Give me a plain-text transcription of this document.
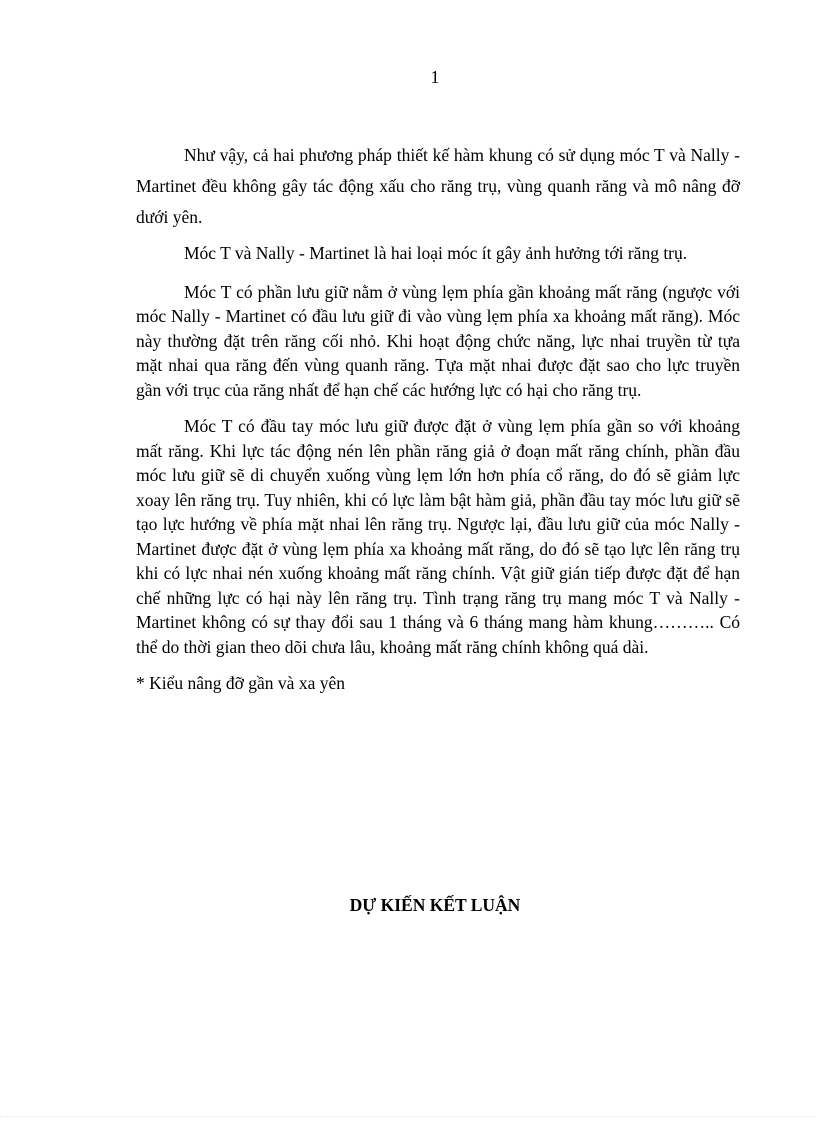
1

Như vậy, cả hai phương pháp thiết kế hàm khung có sử dụng móc T và Nally - Martinet đều không gây tác động xấu cho răng trụ, vùng quanh răng và mô nâng đỡ dưới yên.

Móc T và Nally - Martinet là hai loại móc ít gây ảnh hưởng tới răng trụ.

Móc T có phần lưu giữ nằm ở vùng lẹm phía gần khoảng mất răng (ngược với móc Nally - Martinet có đầu lưu giữ đi vào vùng lẹm phía xa khoảng mất răng). Móc này thường đặt trên răng cối nhỏ. Khi hoạt động chức năng, lực nhai truyền từ tựa mặt nhai qua răng đến vùng quanh răng. Tựa mặt nhai được đặt sao cho lực truyền gần với trục của răng nhất để hạn chế các hướng lực có hại cho răng trụ.

Móc T có đầu tay móc lưu giữ được đặt ở vùng lẹm phía gần so với khoảng mất răng. Khi lực tác động nén lên phần răng giả ở đoạn mất răng chính, phần đầu móc lưu giữ sẽ di chuyển xuống vùng lẹm lớn hơn phía cổ răng, do đó sẽ giảm lực xoay lên răng trụ. Tuy nhiên, khi có lực làm bật hàm giả, phần đầu tay móc lưu giữ sẽ tạo lực hướng về phía mặt nhai lên răng trụ. Ngược lại, đầu lưu giữ của móc Nally - Martinet được đặt ở vùng lẹm phía xa khoảng mất răng, do đó sẽ tạo lực lên răng trụ khi có lực nhai nén xuống khoảng mất răng chính. Vật giữ gián tiếp được đặt để hạn chế những lực có hại này lên răng trụ. Tình trạng răng trụ mang móc T và Nally - Martinet không có sự thay đổi sau 1 tháng và 6 tháng mang hàm khung……….. Có thể do thời gian theo dõi chưa lâu, khoảng mất răng chính không quá dài.

* Kiểu nâng đỡ gần và xa yên

DỰ KIẾN KẾT LUẬN
